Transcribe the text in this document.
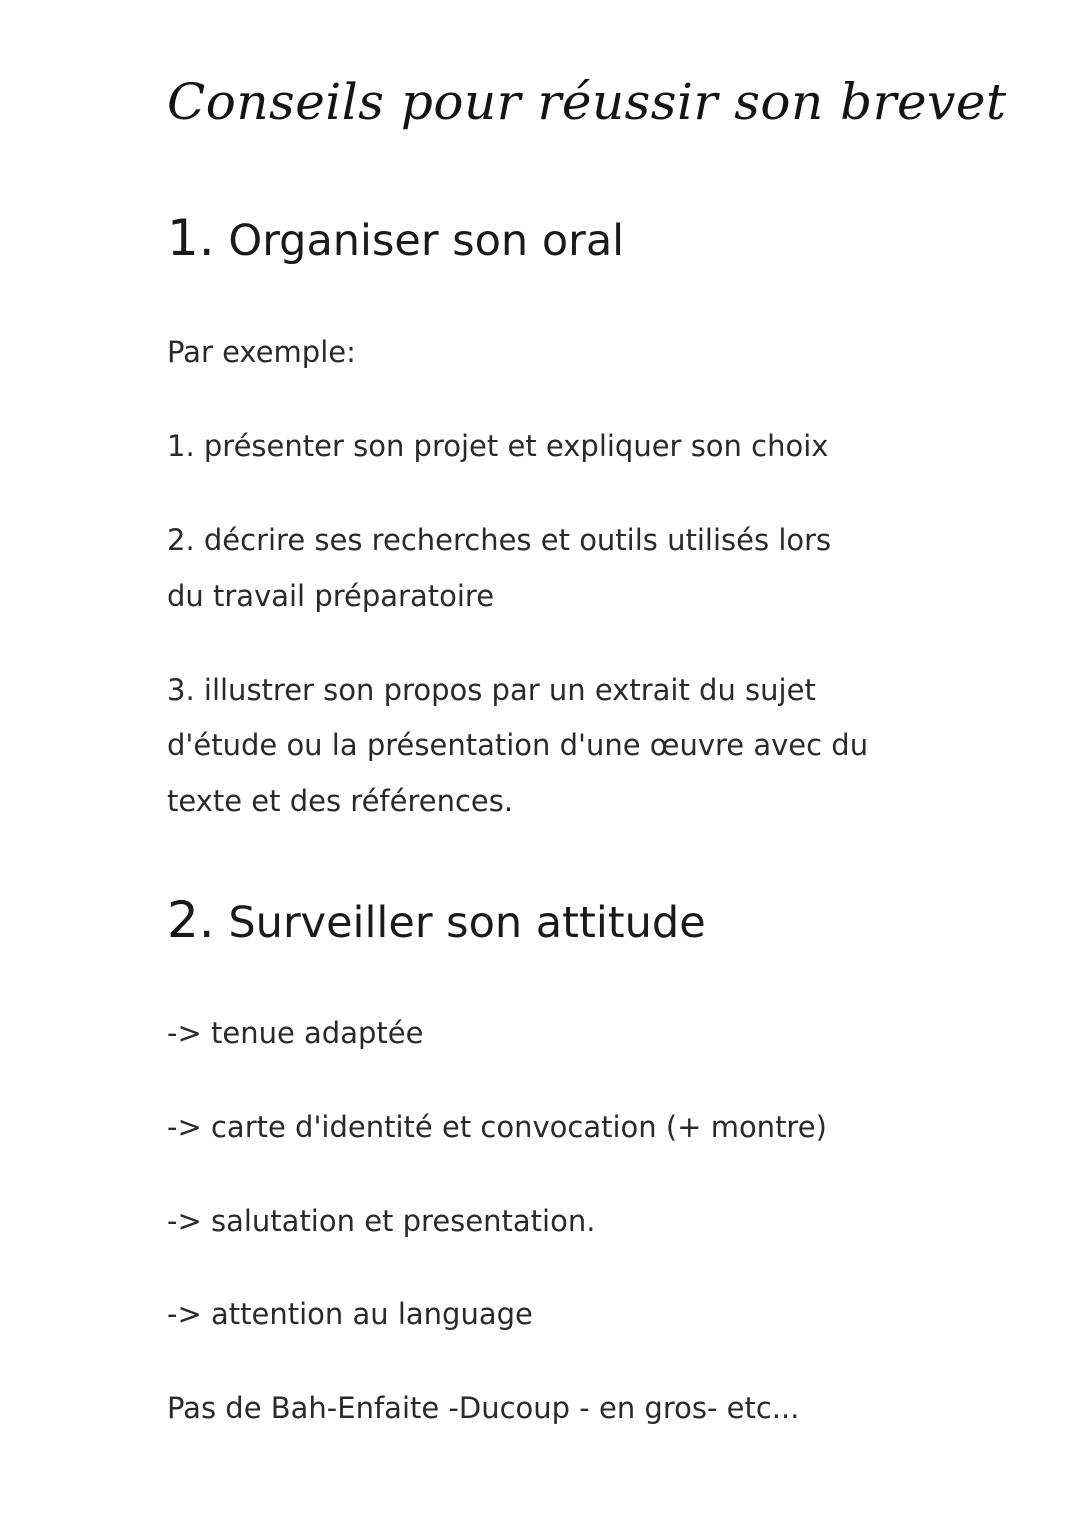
Conseils pour réussir son brevet
1. Organiser son oral

Par exemple:

1. présenter son projet et expliquer son choix

2. décrire ses recherches et outils utilisés lors

du travail préparatoire

3. illustrer son propos par un extrait du sujet

d'étude ou la présentation d'une œuvre avec du

texte et des références.

2. Surveiller son attitude

-> tenue adaptée

-> carte d'identité et convocation (+ montre)

-> salutation et presentation.

-> attention au language

Pas de Bah-Enfaite -Ducoup - en gros- etc...
